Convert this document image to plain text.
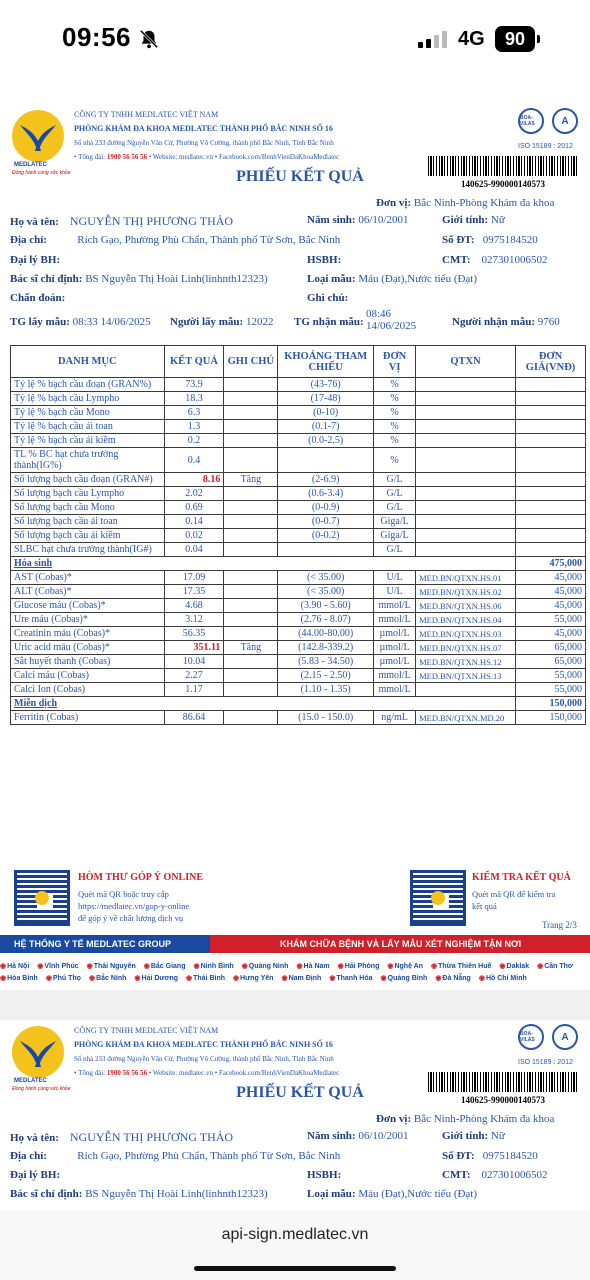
09:56	4G	90
MEDLATEC
Đồng hành cùng sức khỏe
CÔNG TY TNHH MEDLATEC VIỆT NAM
PHÒNG KHÁM ĐA KHOA MEDLATEC THÀNH PHỐ BẮC NINH SỐ 16
Số nhà 233 đường Nguyễn Văn Cừ, Phường Võ Cường, thành phố Bắc Ninh, Tỉnh Bắc Ninh
• Tổng đài: 1900 56 56 56 • Website: medlatec.vn • Facebook.com/BenhVienDaKhoaMedlatec
BOA-VILAS	A
ISO 15189 : 2012
140625-990000140573
PHIẾU KẾT QUẢ
Đơn vị: Bắc Ninh-Phòng Khám đa khoa
Họ và tên: NGUYỄN THỊ PHƯƠNG THẢO	Năm sinh: 06/10/2001	Giới tính: Nữ
Địa chỉ:	Rích Gạo, Phường Phù Chẩn, Thành phố Từ Sơn, Bắc Ninh	Số ĐT: 0975184520
Đại lý BH:	HSBH:	CMT: 027301006502
Bác sĩ chỉ định: BS Nguyễn Thị Hoài Linh(linhnth12323)	Loại mẫu: Máu (Đạt),Nước tiểu (Đạt)
Chẩn đoán:	Ghi chú:
TG lấy mẫu: 08:33 14/06/2025 Người lấy mẫu: 12022 TG nhận mẫu:
08:46
14/06/2025	Người nhận mẫu: 9760
DANH MỤC	KẾT QUẢ	GHI CHÚ	KHOẢNG THAM CHIẾU	ĐƠN VỊ	QTXN	ĐƠN GIÁ(VNĐ)
Tỷ lệ % bạch cầu đoạn (GRAN%)	73.9		(43-76)	%		
Tỷ lệ % bạch cầu Lympho	18.3		(17-48)	%		
Tỷ lệ % bạch cầu Mono	6.3		(0-10)	%		
Tỷ lệ % bạch cầu ái toan	1.3		(0.1-7)	%		
Tỷ lệ % bạch cầu ái kiềm	0.2		(0.0-2.5)	%		
TL % BC hạt chưa trưởng thành(IG%)	0.4			%		
Số lượng bạch cầu đoạn (GRAN#)	8.16	Tăng	(2-6.9)	G/L		
Số lượng bạch cầu Lympho	2.02		(0.6-3.4)	G/L		
Số lượng bạch cầu Mono	0.69		(0-0.9)	G/L		
Số lượng bạch cầu ái toan	0.14		(0-0.7)	Giga/L		
Số lượng bạch cầu ái kiềm	0.02		(0-0.2)	Giga/L		
SLBC hạt chưa trưởng thành(IG#)	0.04			G/L		
Hóa sinh						475,000
AST (Cobas)*	17.09		(< 35.00)	U/L	MED.BN/QTXN.HS.01	45,000
ALT (Cobas)*	17.35		(< 35.00)	U/L	MED.BN/QTXN.HS.02	45,000
Glucose máu (Cobas)*	4.68		(3.90 - 5.60)	mmol/L	MED.BN/QTXN.HS.06	45,000
Ure máu (Cobas)*	3.12		(2.76 - 8.07)	mmol/L	MED.BN/QTXN.HS.04	55,000
Creatinin máu (Cobas)*	56.35		(44.00-80.00)	µmol/L	MED.BN/QTXN.HS.03	45,000
Uric acid máu (Cobas)*	351.11	Tăng	(142.8-339.2)	µmol/L	MED.BN/QTXN.HS.07	65,000
Sắt huyết thanh (Cobas)	10.04		(5.83 - 34.50)	µmol/L	MED.BN/QTXN.HS.12	65,000
Calci máu (Cobas)	2.27		(2.15 - 2.50)	mmol/L	MED.BN/QTXN.HS.13	55,000
Calci Ion (Cobas)	1.17		(1.10 - 1.35)	mmol/L		55,000
Miễn dịch						150,000
Ferritin (Cobas)	86.64		(15.0 - 150.0)	ng/mL	MED.BN/QTXN.MD.20	150,000
HÒM THƯ GÓP Ý ONLINE
Quét mã QR hoặc truy cập
https://medlatec.vn/gop-y-online
để góp ý về chất lượng dịch vụ
KIỂM TRA KẾT QUẢ
Quét mã QR để kiểm tra
kết quả
Trang 2/3
HỆ THỐNG Y TẾ MEDLATEC GROUP	KHÁM CHỮA BỆNH VÀ LẤY MẪU XÉT NGHIỆM TẬN NƠI
◉ Hà Nội ◉ Vĩnh Phúc ◉ Thái Nguyên ◉ Bắc Giang ◉ Ninh Bình ◉ Quảng Ninh ◉ Hà Nam ◉ Hải Phòng ◉ Nghệ An ◉ Thừa Thiên Huế ◉ Daklak ◉ Cần Thơ
◉ Hòa Bình ◉ Phú Thọ ◉ Bắc Ninh ◉ Hải Dương ◉ Thái Bình ◉ Hưng Yên ◉ Nam Định ◉ Thanh Hóa ◉ Quảng Bình ◉ Đà Nẵng ◉ Hồ Chí Minh
MEDLATEC
Đồng hành cùng sức khỏe
CÔNG TY TNHH MEDLATEC VIỆT NAM
PHÒNG KHÁM ĐA KHOA MEDLATEC THÀNH PHỐ BẮC NINH SỐ 16
Số nhà 233 đường Nguyễn Văn Cừ, Phường Võ Cường, thành phố Bắc Ninh, Tỉnh Bắc Ninh
• Tổng đài: 1900 56 56 56 • Website: medlatec.vn • Facebook.com/BenhVienDaKhoaMedlatec
BOA-VILAS	A
ISO 15189 : 2012
140625-990000140573
PHIẾU KẾT QUẢ
Đơn vị: Bắc Ninh-Phòng Khám đa khoa
Họ và tên: NGUYỄN THỊ PHƯƠNG THẢO	Năm sinh: 06/10/2001	Giới tính: Nữ
Địa chỉ:	Rích Gạo, Phường Phù Chẩn, Thành phố Từ Sơn, Bắc Ninh	Số ĐT: 0975184520
Đại lý BH:	HSBH:	CMT: 027301006502
Bác sĩ chỉ định: BS Nguyễn Thị Hoài Linh(linhnth12323)	Loại mẫu: Máu (Đạt),Nước tiểu (Đạt)
api-sign.medlatec.vn
